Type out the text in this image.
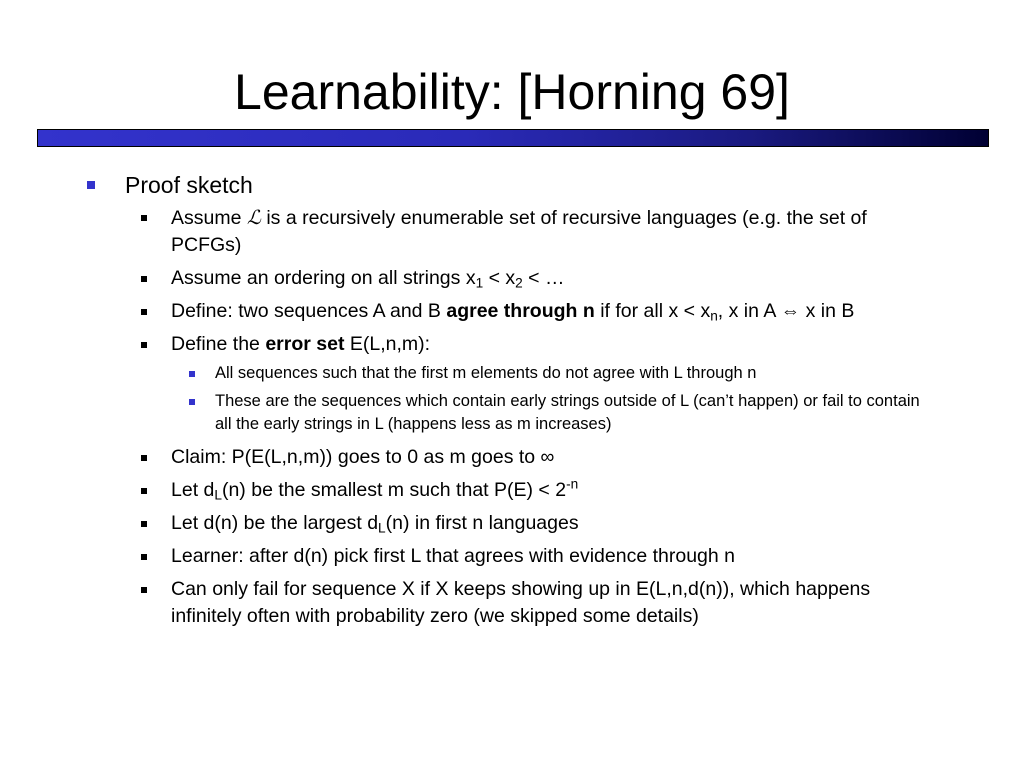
Learnability: [Horning 69]
Proof sketch
Assume ℒ is a recursively enumerable set of recursive languages (e.g. the set of PCFGs)
Assume an ordering on all strings $x_1 < x_2$ < …
Define: two sequences A and B agree through n if for all $x < x_n$, x in A ⇔ x in B
Define the error set E(L,n,m):
All sequences such that the first m elements do not agree with L through n
These are the sequences which contain early strings outside of L (can’t happen) or fail to contain all the early strings in L (happens less as m increases)
Claim: P(E(L,n,m)) goes to 0 as m goes to ∞
Let $d_L(n)$ be the smallest m such that $P(E) < 2^{-n}$
Let d(n) be the largest $d_L(n)$ in first n languages
Learner: after d(n) pick first L that agrees with evidence through n
Can only fail for sequence X if X keeps showing up in E(L,n,d(n)), which happens infinitely often with probability zero (we skipped some details)
